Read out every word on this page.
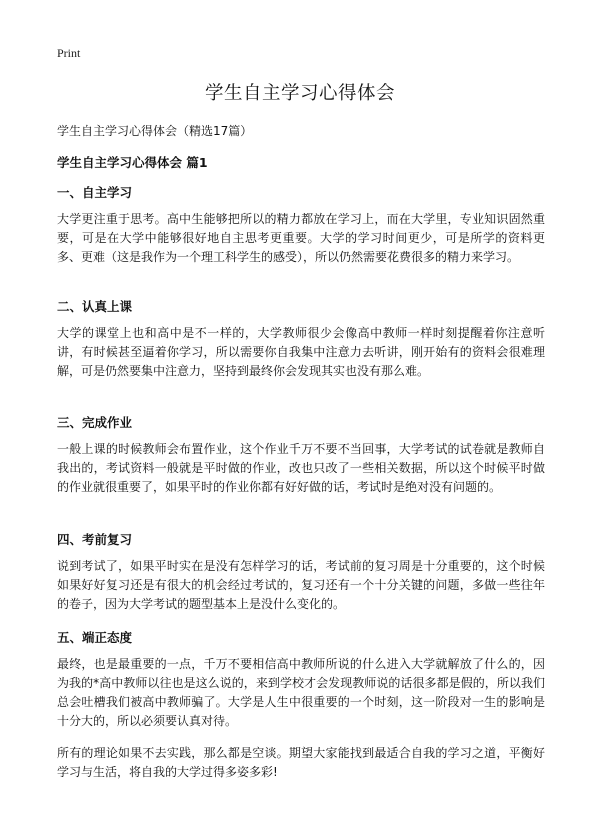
Print
学生自主学习心得体会
学生自主学习心得体会（精选17篇）
学生自主学习心得体会 篇1
一、自主学习
大学更注重于思考。高中生能够把所以的精力都放在学习上，而在大学里，专业知识固然重要，可是在大学中能够很好地自主思考更重要。大学的学习时间更少，可是所学的资料更多、更难（这是我作为一个理工科学生的感受），所以仍然需要花费很多的精力来学习。
二、认真上课
大学的课堂上也和高中是不一样的，大学教师很少会像高中教师一样时刻提醒着你注意听讲，有时候甚至逼着你学习，所以需要你自我集中注意力去听讲，刚开始有的资料会很难理解，可是仍然要集中注意力，坚持到最终你会发现其实也没有那么难。
三、完成作业
一般上课的时候教师会布置作业，这个作业千万不要不当回事，大学考试的试卷就是教师自我出的，考试资料一般就是平时做的作业，改也只改了一些相关数据，所以这个时候平时做的作业就很重要了，如果平时的作业你都有好好做的话，考试时是绝对没有问题的。
四、考前复习
说到考试了，如果平时实在是没有怎样学习的话，考试前的复习周是十分重要的，这个时候如果好好复习还是有很大的机会经过考试的，复习还有一个十分关键的问题，多做一些往年的卷子，因为大学考试的题型基本上是没什么变化的。
五、端正态度
最终，也是最重要的一点，千万不要相信高中教师所说的什么进入大学就解放了什么的，因为我的*高中教师以往也是这么说的，来到学校才会发现教师说的话很多都是假的，所以我们总会吐槽我们被高中教师骗了。大学是人生中很重要的一个时刻，这一阶段对一生的影响是十分大的，所以必须要认真对待。
所有的理论如果不去实践，那么都是空谈。期望大家能找到最适合自我的学习之道，平衡好学习与生活，将自我的大学过得多姿多彩!
